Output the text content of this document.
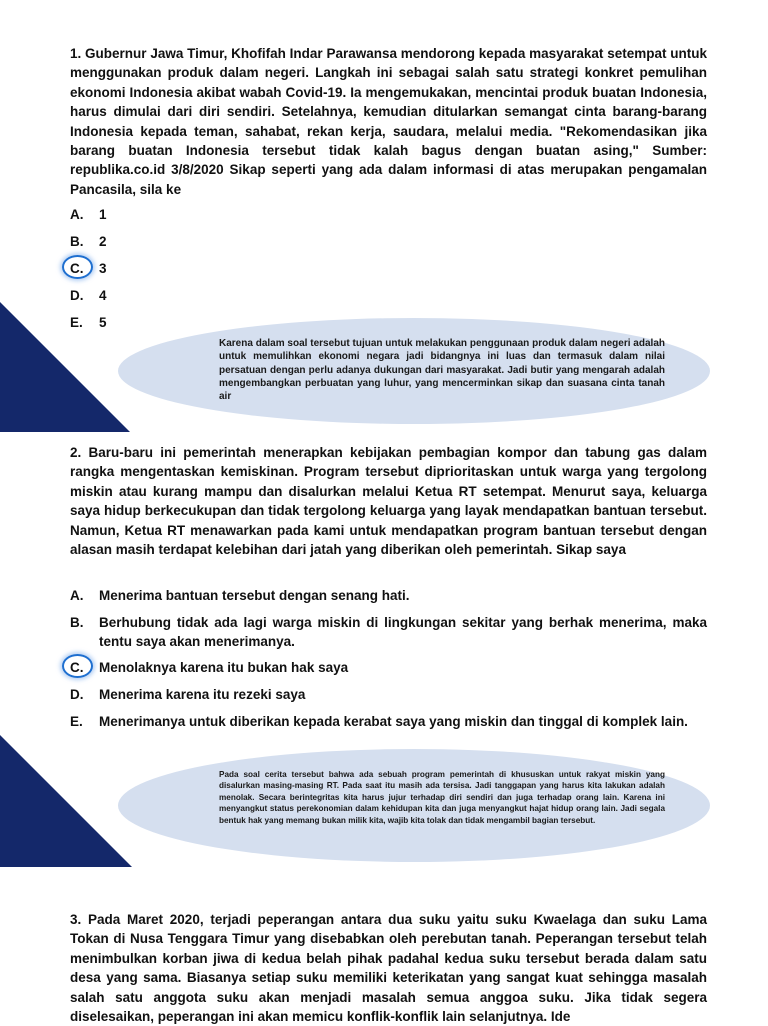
1. Gubernur Jawa Timur, Khofifah Indar Parawansa mendorong kepada masyarakat setempat untuk menggunakan produk dalam negeri. Langkah ini sebagai salah satu strategi konkret pemulihan ekonomi Indonesia akibat wabah Covid-19. Ia mengemukakan, mencintai produk buatan Indonesia, harus dimulai dari diri sendiri. Setelahnya, kemudian ditularkan semangat cinta barang-barang Indonesia kepada teman, sahabat, rekan kerja, saudara, melalui media. "Rekomendasikan jika barang buatan Indonesia tersebut tidak kalah bagus dengan buatan asing," Sumber: republika.co.id 3/8/2020 Sikap seperti yang ada dalam informasi di atas merupakan pengamalan Pancasila, sila ke

A.	1
B.	2
C.	3
D.	4
E.	5

Karena dalam soal tersebut tujuan untuk melakukan penggunaan produk dalam negeri adalah untuk memulihkan ekonomi negara jadi bidangnya ini luas dan termasuk dalam nilai persatuan dengan perlu adanya dukungan dari masyarakat. Jadi butir yang mengarah adalah mengembangkan perbuatan yang luhur, yang mencerminkan sikap dan suasana cinta tanah air

2. Baru-baru ini pemerintah menerapkan kebijakan pembagian kompor dan tabung gas dalam rangka mengentaskan kemiskinan. Program tersebut diprioritaskan untuk warga yang tergolong miskin atau kurang mampu dan disalurkan melalui Ketua RT setempat. Menurut saya, keluarga saya hidup berkecukupan dan tidak tergolong keluarga yang layak mendapatkan bantuan tersebut. Namun, Ketua RT menawarkan pada kami untuk mendapatkan program bantuan tersebut dengan alasan masih terdapat kelebihan dari jatah yang diberikan oleh pemerintah. Sikap saya

A.	Menerima bantuan tersebut dengan senang hati.
B.	Berhubung tidak ada lagi warga miskin di lingkungan sekitar yang berhak menerima, maka tentu saya akan menerimanya.
C.	Menolaknya karena itu bukan hak saya
D.	Menerima karena itu rezeki saya
E.	Menerimanya untuk diberikan kepada kerabat saya yang miskin dan tinggal di komplek lain.

Pada soal cerita tersebut bahwa ada sebuah program pemerintah di khususkan untuk rakyat miskin yang disalurkan masing-masing RT. Pada saat itu masih ada tersisa. Jadi tanggapan yang harus kita lakukan adalah menolak. Secara berintegritas kita harus jujur terhadap diri sendiri dan juga terhadap orang lain. Karena ini menyangkut status perekonomian dalam kehidupan kita dan juga menyangkut hajat hidup orang lain. Jadi segala bentuk hak yang memang bukan milik kita, wajib kita tolak dan tidak mengambil bagian tersebut.

3. Pada Maret 2020, terjadi peperangan antara dua suku yaitu suku Kwaelaga dan suku Lama Tokan di Nusa Tenggara Timur yang disebabkan oleh perebutan tanah. Peperangan tersebut telah menimbulkan korban jiwa di kedua belah pihak padahal kedua suku tersebut berada dalam satu desa yang sama. Biasanya setiap suku memiliki keterikatan yang sangat kuat sehingga masalah salah satu anggota suku akan menjadi masalah semua anggoa suku. Jika tidak segera diselesaikan, peperangan ini akan memicu konflik-konflik lain selanjutnya. Ide
